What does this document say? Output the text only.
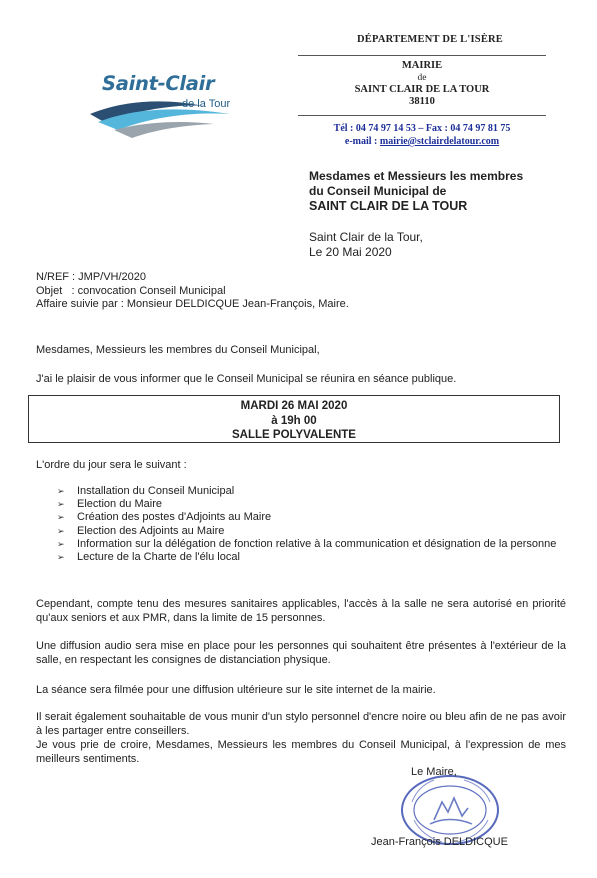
DÉPARTEMENT DE L'ISÈRE
MAIRIE
de
SAINT CLAIR DE LA TOUR
38110
Tél : 04 74 97 14 53 – Fax : 04 74 97 81 75
e-mail : mairie@stclairdelatour.com
Saint-Clair
de la Tour
Mesdames et Messieurs les membres
du Conseil Municipal de
SAINT CLAIR DE LA TOUR
Saint Clair de la Tour,
Le 20 Mai 2020
N/REF : JMP/VH/2020
Objet   : convocation Conseil Municipal
Affaire suivie par : Monsieur DELDICQUE Jean-François, Maire.
Mesdames, Messieurs les membres du Conseil Municipal,
J'ai le plaisir de vous informer que le Conseil Municipal se réunira en séance publique.
MARDI 26 MAI 2020
à 19h 00
SALLE POLYVALENTE
L'ordre du jour sera le suivant :
➢ Installation du Conseil Municipal
➢ Election du Maire
➢ Création des postes d'Adjoints au Maire
➢ Election des Adjoints au Maire
➢ Information sur la délégation de fonction relative à la communication et désignation de la personne
➢ Lecture de la Charte de l'élu local
Cependant, compte tenu des mesures sanitaires applicables, l'accès à la salle ne sera autorisé en priorité qu'aux seniors et aux PMR, dans la limite de 15 personnes.
Une diffusion audio sera mise en place pour les personnes qui souhaitent être présentes à l'extérieur de la salle, en respectant les consignes de distanciation physique.
La séance sera filmée pour une diffusion ultérieure sur le site internet de la mairie.
Il serait également souhaitable de vous munir d'un stylo personnel d'encre noire ou bleu afin de ne pas avoir à les partager entre conseillers.
Je vous prie de croire, Mesdames, Messieurs les membres du Conseil Municipal, à l'expression de mes meilleurs sentiments.
Le Maire,
Jean-François DELDICQUE
